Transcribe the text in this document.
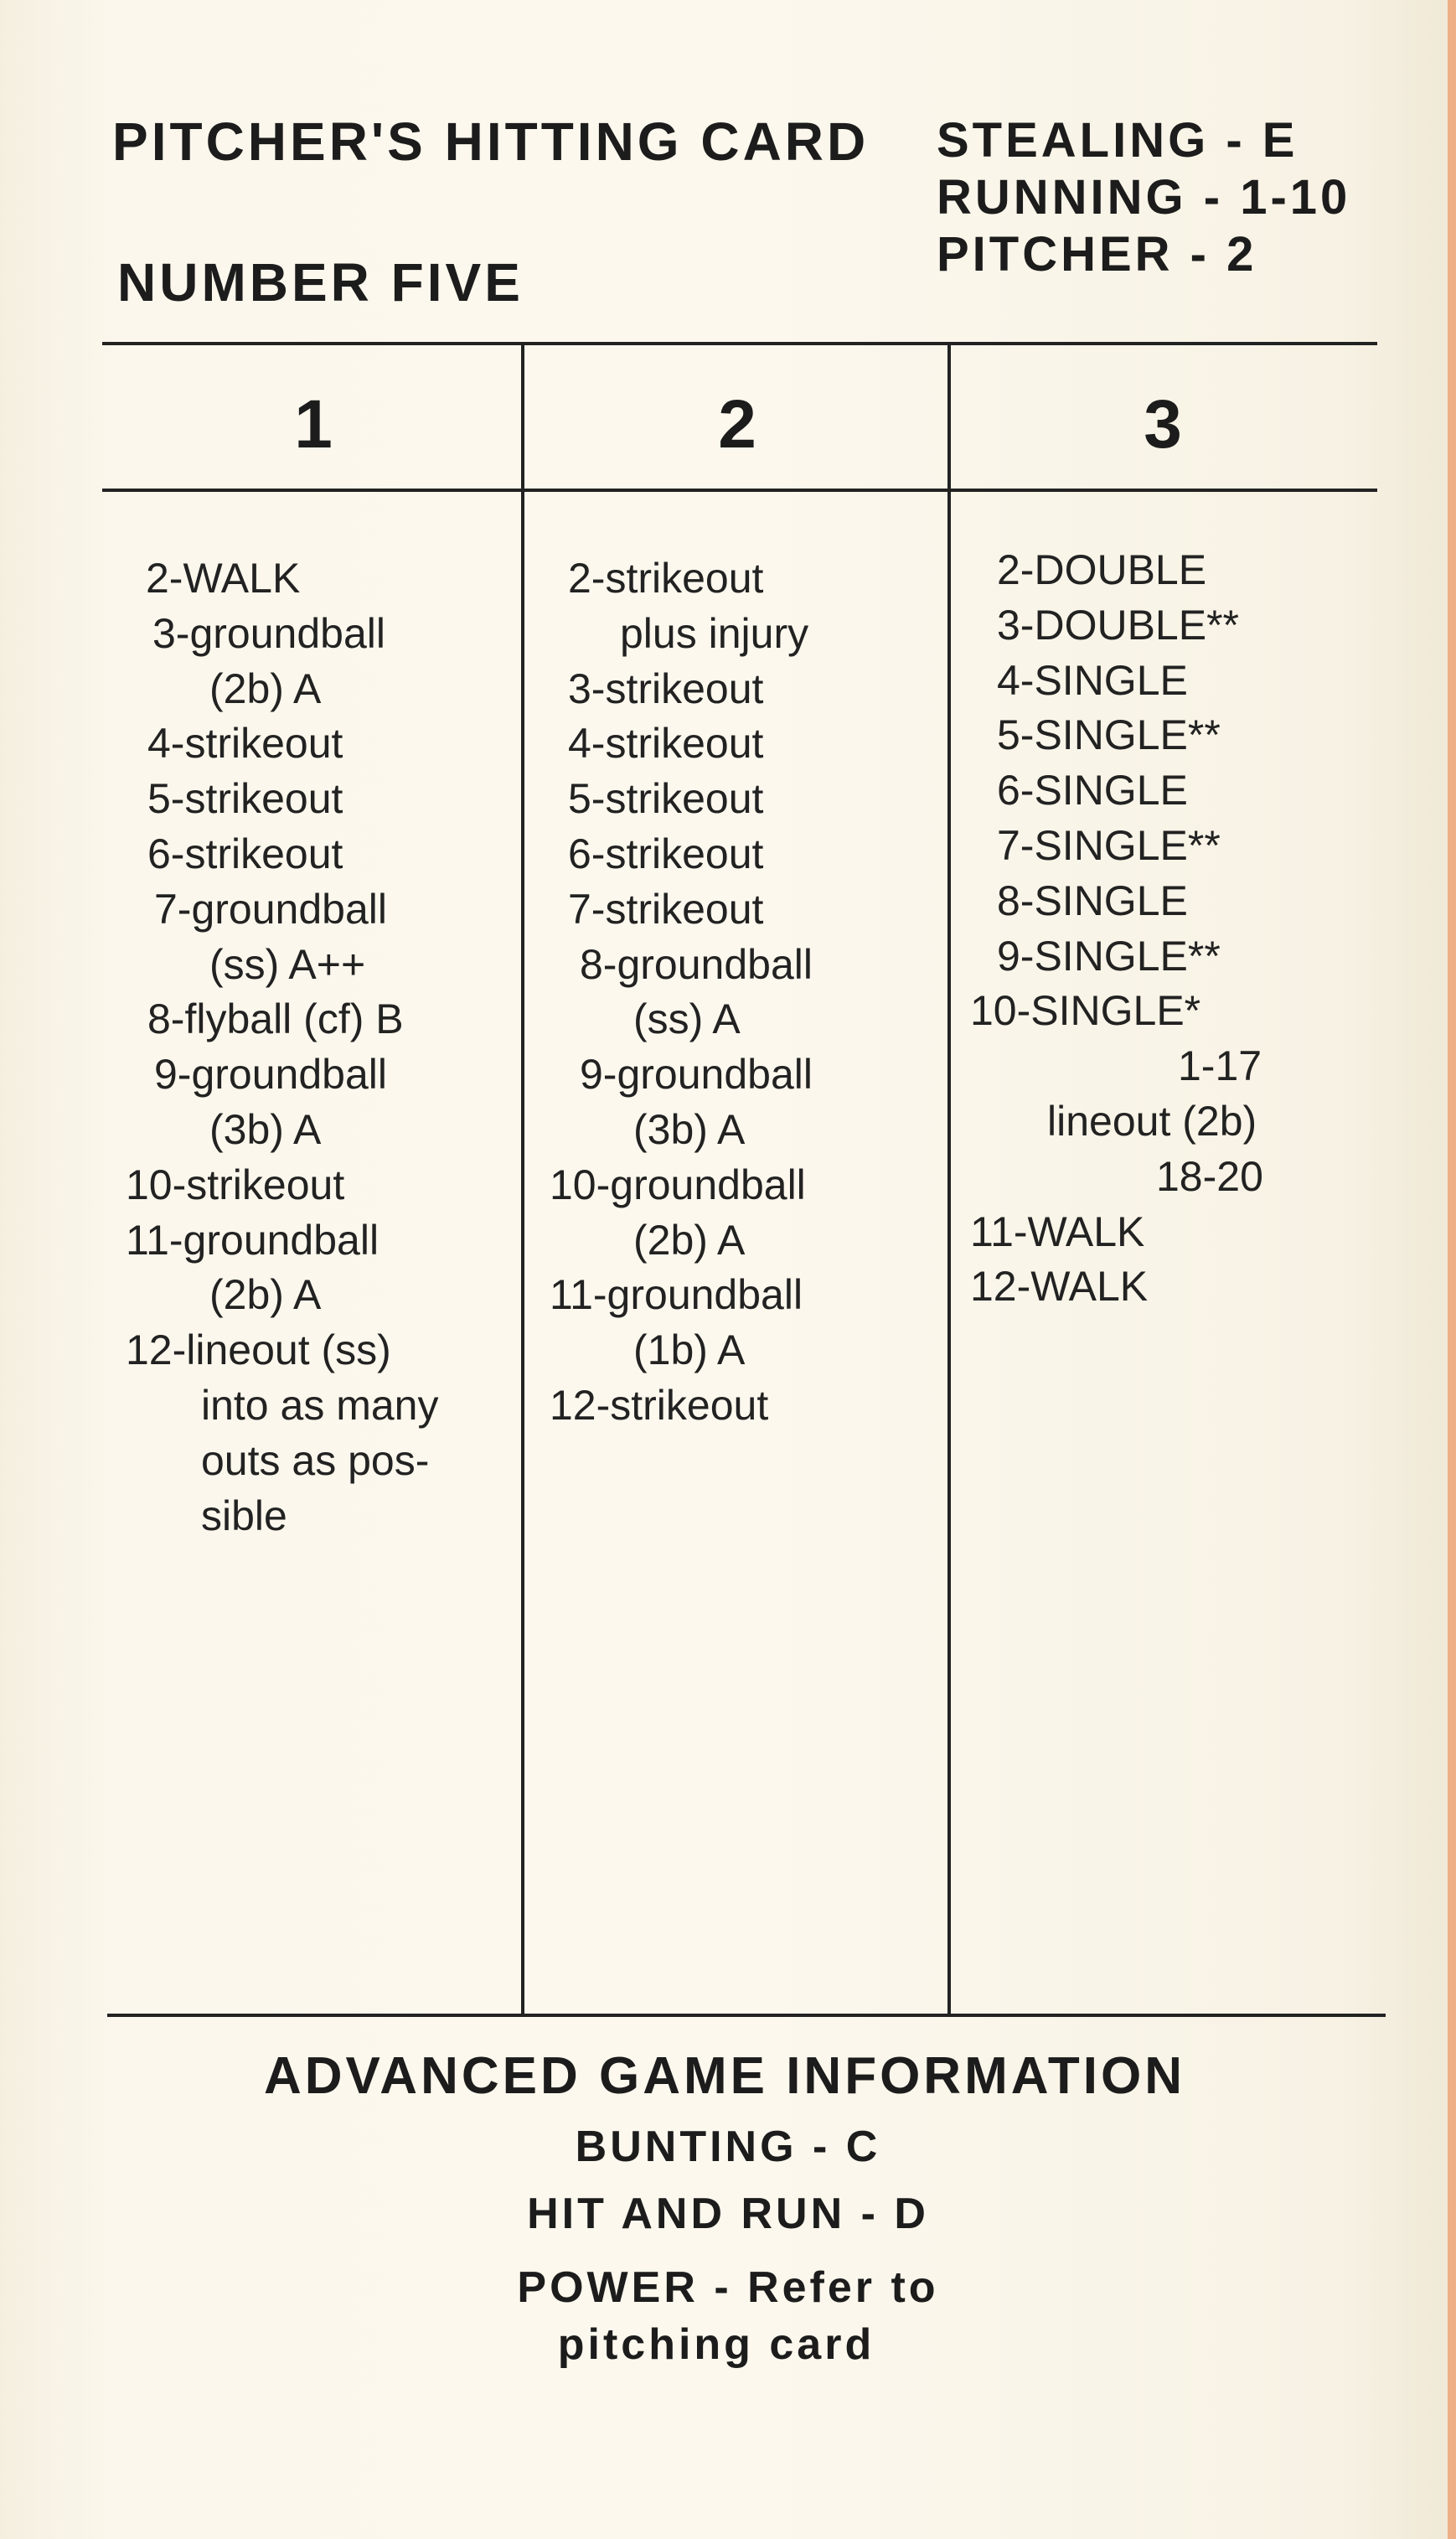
PITCHER'S HITTING CARD
NUMBER FIVE
STEALING - E
RUNNING - 1-10
PITCHER - 2
1	2	3
2-WALK
3-groundball
(2b) A
4-strikeout
5-strikeout
6-strikeout
7-groundball
(ss) A++
8-flyball (cf) B
9-groundball
(3b) A
10-strikeout
11-groundball
(2b) A
12-lineout (ss)
into as many
outs as pos-
sible
2-strikeout
plus injury
3-strikeout
4-strikeout
5-strikeout
6-strikeout
7-strikeout
8-groundball
(ss) A
9-groundball
(3b) A
10-groundball
(2b) A
11-groundball
(1b) A
12-strikeout
2-DOUBLE
3-DOUBLE**
4-SINGLE
5-SINGLE**
6-SINGLE
7-SINGLE**
8-SINGLE
9-SINGLE**
10-SINGLE*
1-17
lineout (2b)
18-20
11-WALK
12-WALK
ADVANCED GAME INFORMATION
BUNTING - C
HIT AND RUN - D
POWER - Refer to
pitching card
